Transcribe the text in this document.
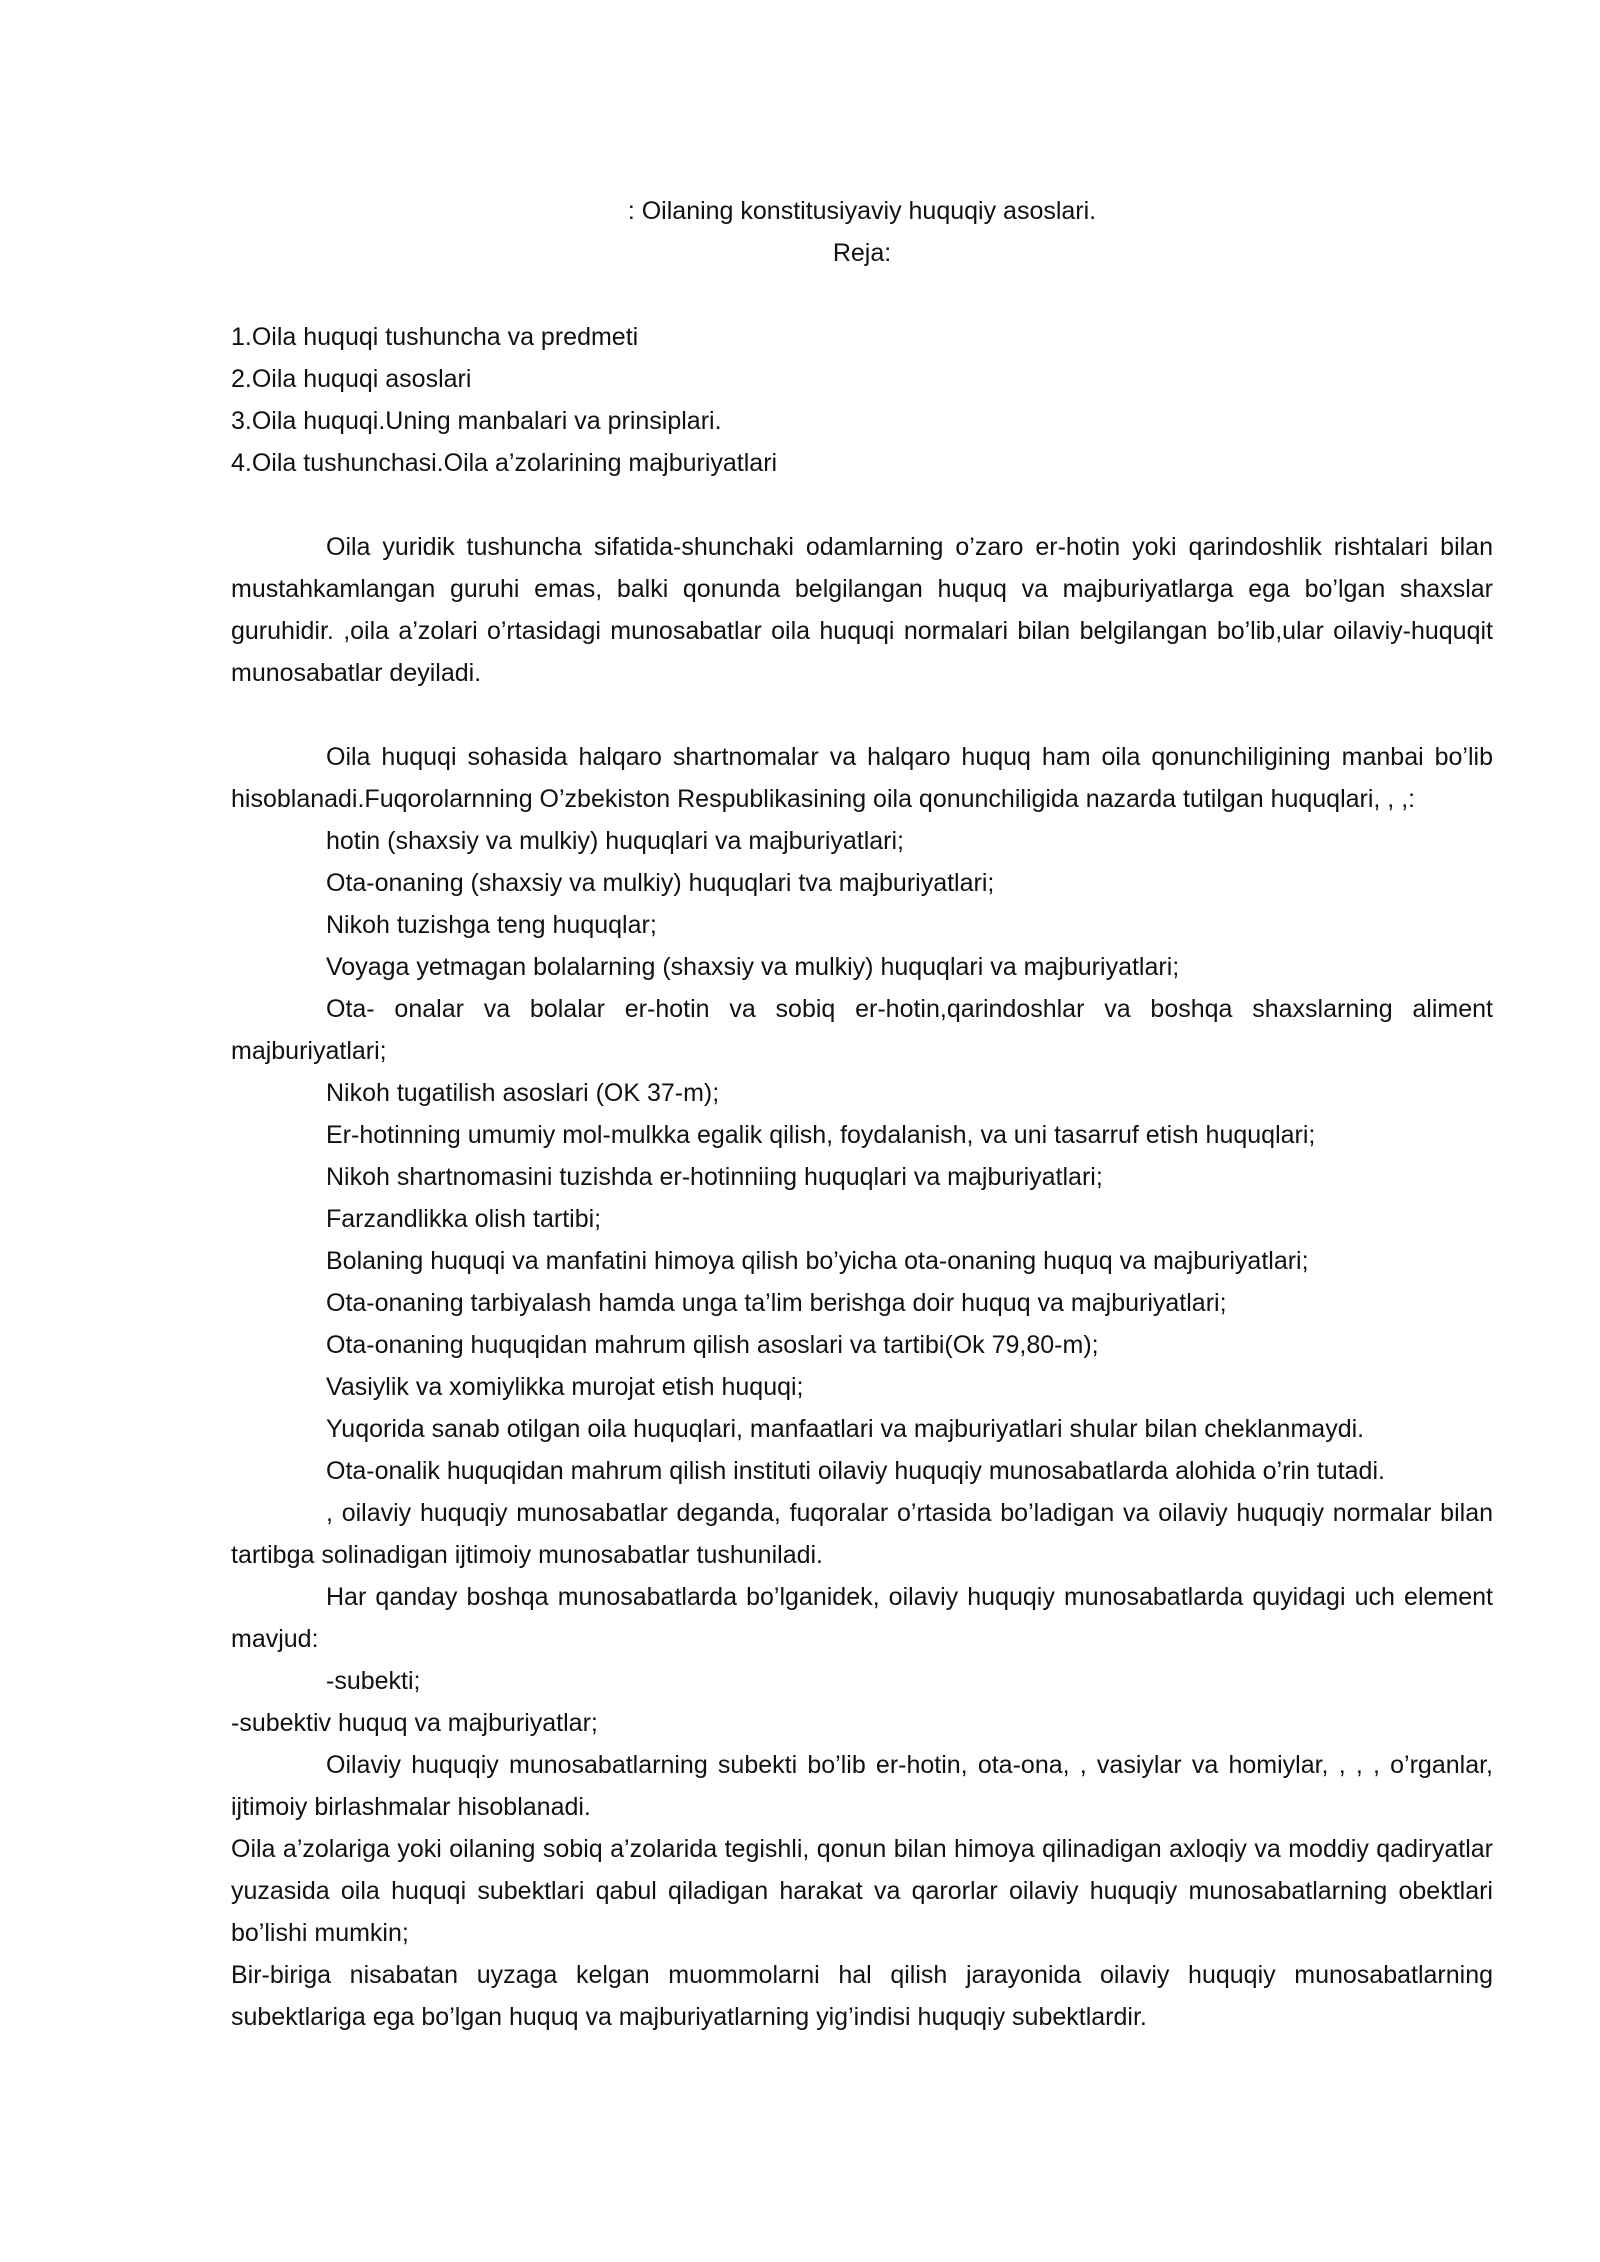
: Oilaning konstitusiyaviy huquqiy asoslari.

Reja:

1.Oila huquqi tushuncha va predmeti
2.Oila huquqi asoslari
3.Oila huquqi.Uning manbalari va prinsiplari.
4.Oila tushunchasi.Oila a’zolarining majburiyatlari

Oila yuridik tushuncha sifatida-shunchaki odamlarning o’zaro er-hotin yoki qarindoshlik rishtalari bilan mustahkamlangan guruhi emas, balki qonunda belgilangan huquq va majburiyatlarga ega bo’lgan shaxslar guruhidir. ,oila a’zolari o’rtasidagi munosabatlar oila huquqi normalari bilan belgilangan bo’lib,ular oilaviy-huquqit munosabatlar deyiladi.

Oila huquqi sohasida halqaro shartnomalar va halqaro huquq ham oila qonunchiligining manbai bo’lib hisoblanadi.Fuqorolarnning O’zbekiston Respublikasining oila qonunchiligida nazarda tutilgan huquqlari, , ,:

hotin (shaxsiy va mulkiy) huquqlari va majburiyatlari;

Ota-onaning (shaxsiy va mulkiy) huquqlari tva majburiyatlari;

Nikoh tuzishga teng huquqlar;

Voyaga yetmagan bolalarning (shaxsiy va mulkiy) huquqlari va majburiyatlari;

Ota- onalar va bolalar er-hotin va sobiq er-hotin,qarindoshlar va boshqa shaxslarning aliment majburiyatlari;

Nikoh tugatilish asoslari (OK 37-m);

Er-hotinning umumiy mol-mulkka egalik qilish, foydalanish, va uni tasarruf etish huquqlari;

Nikoh shartnomasini tuzishda er-hotinniing huquqlari va majburiyatlari;

Farzandlikka olish tartibi;

Bolaning huquqi va manfatini himoya qilish bo’yicha ota-onaning huquq va majburiyatlari;

Ota-onaning tarbiyalash hamda unga ta’lim berishga doir huquq va majburiyatlari;

Ota-onaning huquqidan mahrum qilish asoslari va tartibi(Ok 79,80-m);

Vasiylik va xomiylikka murojat etish huquqi;

Yuqorida sanab otilgan oila huquqlari, manfaatlari va majburiyatlari shular bilan cheklanmaydi.

Ota-onalik huquqidan mahrum qilish instituti oilaviy huquqiy munosabatlarda alohida o’rin tutadi.

, oilaviy huquqiy munosabatlar deganda, fuqoralar o’rtasida bo’ladigan va oilaviy huquqiy normalar bilan tartibga solinadigan ijtimoiy munosabatlar tushuniladi.

Har qanday boshqa munosabatlarda bo’lganidek, oilaviy huquqiy munosabatlarda quyidagi uch element mavjud:

-subekti;

-subektiv huquq va majburiyatlar;

Oilaviy huquqiy munosabatlarning subekti bo’lib er-hotin, ota-ona, , vasiylar va homiylar, , , , o’rganlar, ijtimoiy birlashmalar hisoblanadi.

Oila a’zolariga yoki oilaning sobiq a’zolarida tegishli, qonun bilan himoya qilinadigan axloqiy va moddiy qadiryatlar yuzasida oila huquqi subektlari qabul qiladigan harakat va qarorlar oilaviy huquqiy munosabatlarning obektlari bo’lishi mumkin;

Bir-biriga nisabatan uyzaga kelgan muommolarni hal qilish jarayonida oilaviy huquqiy munosabatlarning subektlariga ega bo’lgan huquq va majburiyatlarning yig’indisi huquqiy subektlardir.
